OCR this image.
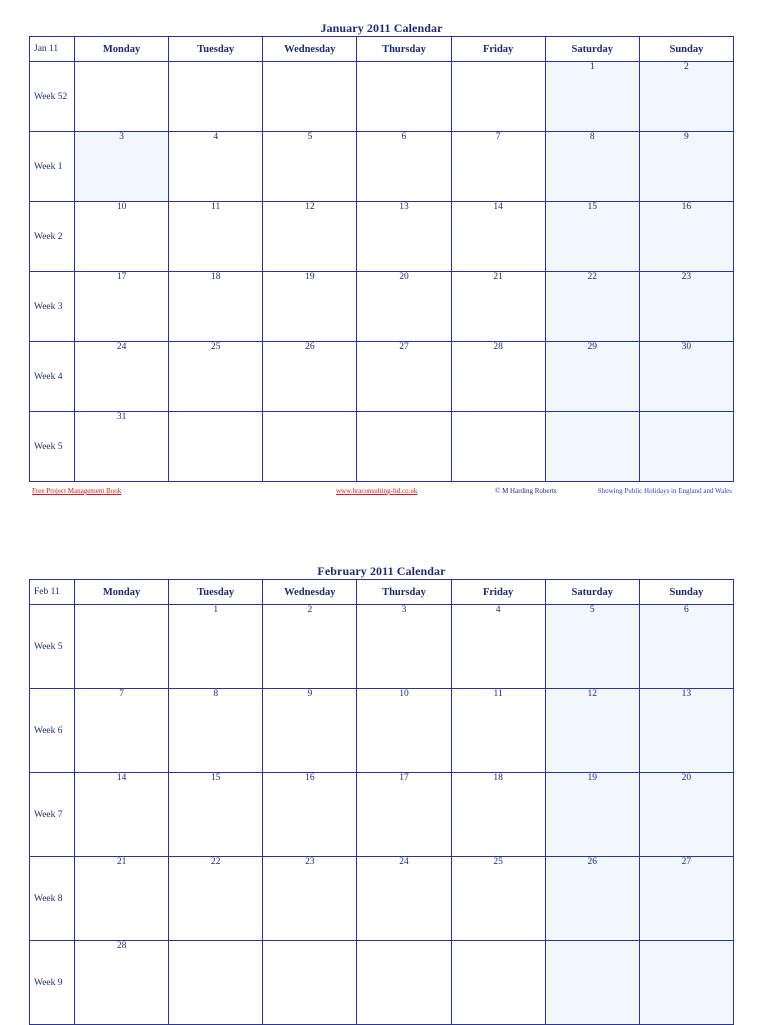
January 2011 Calendar
Jan 11	Monday	Tuesday	Wednesday	Thursday	Friday	Saturday	Sunday
Week 52						1	2
Week 1	3	4	5	6	7	8	9
Week 2	10	11	12	13	14	15	16
Week 3	17	18	19	20	21	22	23
Week 4	24	25	26	27	28	29	30
Week 5	31						
Free Project Management Book	www.hraconsulting-ltd.co.uk	© M Harding Roberts	Showing Public Holidays in England and Wales
February 2011 Calendar
Feb 11	Monday	Tuesday	Wednesday	Thursday	Friday	Saturday	Sunday
Week 5		1	2	3	4	5	6
Week 6	7	8	9	10	11	12	13
Week 7	14	15	16	17	18	19	20
Week 8	21	22	23	24	25	26	27
Week 9	28						
